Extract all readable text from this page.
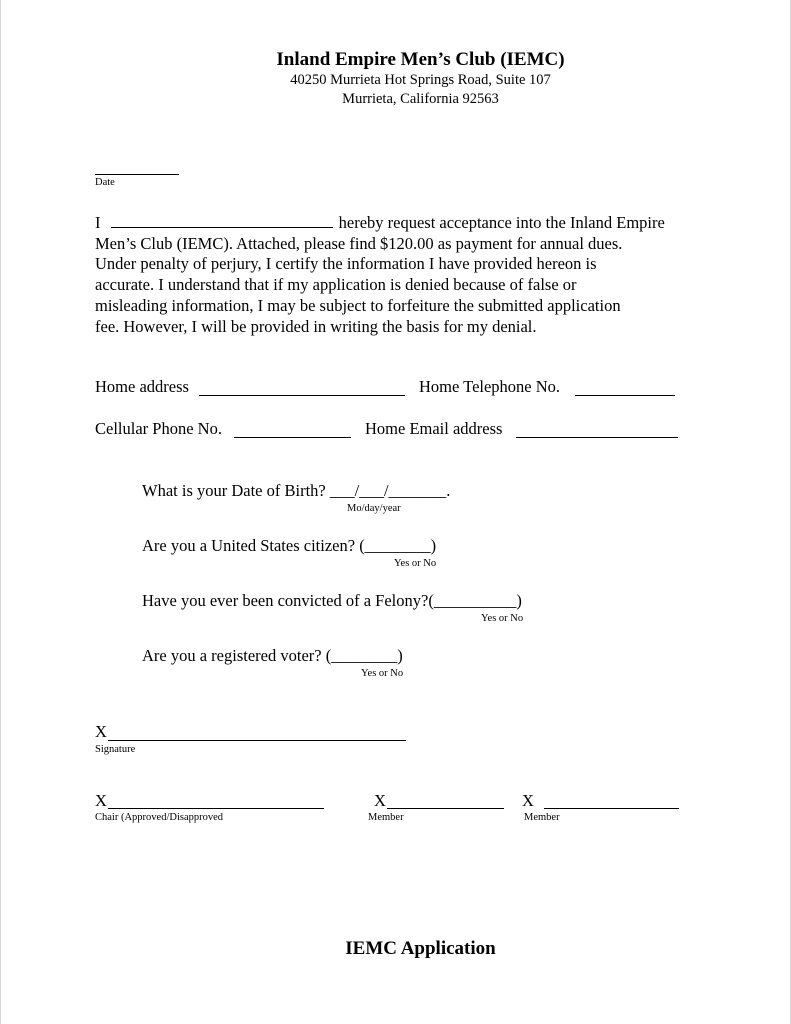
Inland Empire Men’s Club (IEMC)
40250 Murrieta Hot Springs Road, Suite 107
Murrieta, California 92563
Date
I	hereby request acceptance into the Inland Empire
Men’s Club (IEMC). Attached, please find $120.00 as payment for annual dues.
Under penalty of perjury, I certify the information I have provided hereon is
accurate. I understand that if my application is denied because of false or
misleading information, I may be subject to forfeiture the submitted application
fee. However, I will be provided in writing the basis for my denial.
Home address	Home Telephone No.
Cellular Phone No.	Home Email address
What is your Date of Birth? ___/___/_______.
Mo/day/year
Are you a United States citizen? (________)
Yes or No
Have you ever been convicted of a Felony?(__________)
Yes or No
Are you a registered voter? (________)
Yes or No
X
Signature
X
Chair (Approved/Disapproved
X
Member
X
Member
IEMC Application
